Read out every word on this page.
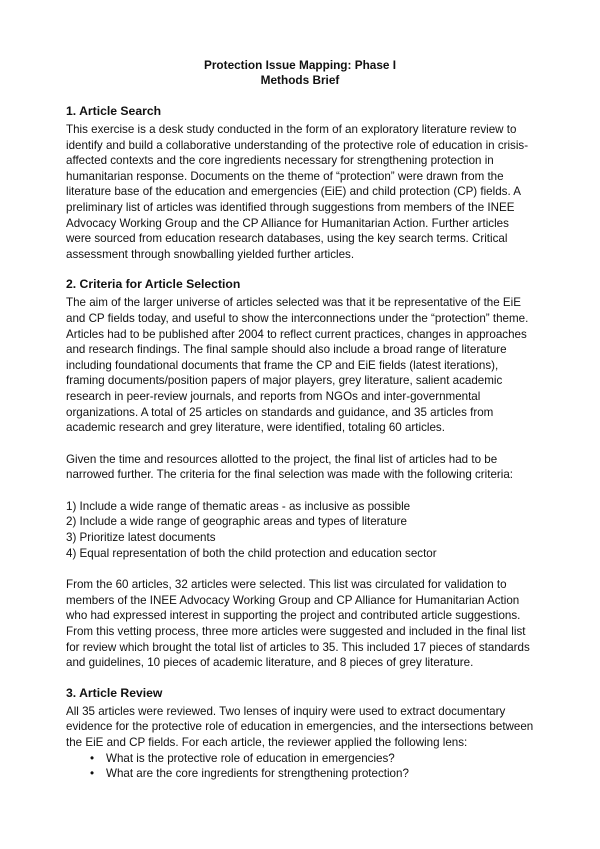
Protection Issue Mapping: Phase I
Methods Brief
1. Article Search

This exercise is a desk study conducted in the form of an exploratory literature review to identify and build a collaborative understanding of the protective role of education in crisis-affected contexts and the core ingredients necessary for strengthening protection in humanitarian response. Documents on the theme of “protection” were drawn from the literature base of the education and emergencies (EiE) and child protection (CP) fields. A preliminary list of articles was identified through suggestions from members of the INEE Advocacy Working Group and the CP Alliance for Humanitarian Action. Further articles were sourced from education research databases, using the key search terms. Critical assessment through snowballing yielded further articles.

2. Criteria for Article Selection

The aim of the larger universe of articles selected was that it be representative of the EiE and CP fields today, and useful to show the interconnections under the “protection” theme. Articles had to be published after 2004 to reflect current practices, changes in approaches and research findings. The final sample should also include a broad range of literature including foundational documents that frame the CP and EiE fields (latest iterations), framing documents/position papers of major players, grey literature, salient academic research in peer-review journals, and reports from NGOs and inter-governmental organizations. A total of 25 articles on standards and guidance, and 35 articles from academic research and grey literature, were identified, totaling 60 articles.

Given the time and resources allotted to the project, the final list of articles had to be narrowed further. The criteria for the final selection was made with the following criteria:

1) Include a wide range of thematic areas - as inclusive as possible
2) Include a wide range of geographic areas and types of literature
3) Prioritize latest documents
4) Equal representation of both the child protection and education sector

From the 60 articles, 32 articles were selected. This list was circulated for validation to members of the INEE Advocacy Working Group and CP Alliance for Humanitarian Action who had expressed interest in supporting the project and contributed article suggestions. From this vetting process, three more articles were suggested and included in the final list for review which brought the total list of articles to 35. This included 17 pieces of standards and guidelines, 10 pieces of academic literature, and 8 pieces of grey literature.

3. Article Review

All 35 articles were reviewed. Two lenses of inquiry were used to extract documentary evidence for the protective role of education in emergencies, and the intersections between the EiE and CP fields. For each article, the reviewer applied the following lens:

• What is the protective role of education in emergencies?
• What are the core ingredients for strengthening protection?
